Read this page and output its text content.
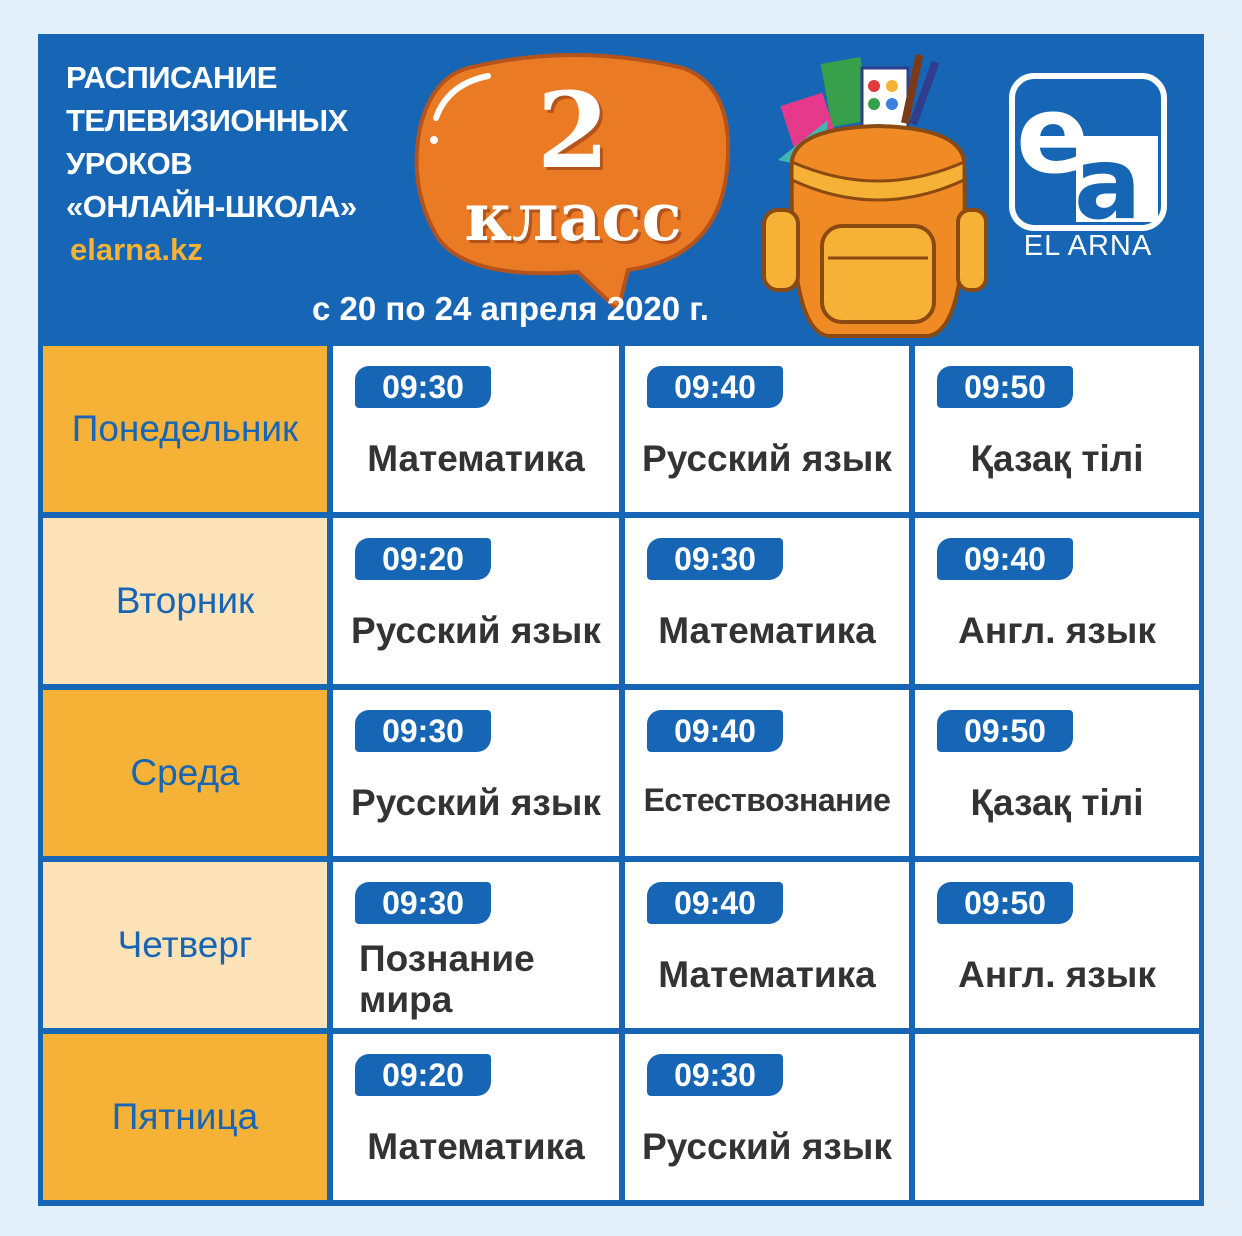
РАСПИСАНИЕ
ТЕЛЕВИЗИОННЫХ
УРОКОВ
«ОНЛАЙН-ШКОЛА»
elarna.kz
2
класс
e
a
EL ARNA
с 20 по 24 апреля 2020 г.
Понедельник
09:30
Математика
09:40
Русский язык
09:50
Қазақ тілі
Вторник
09:20
Русский язык
09:30
Математика
09:40
Англ. язык
Среда
09:30
Русский язык
09:40
Естествознание
09:50
Қазақ тілі
Четверг
09:30
Познание мира
09:40
Математика
09:50
Англ. язык
Пятница
09:20
Математика
09:30
Русский язык
